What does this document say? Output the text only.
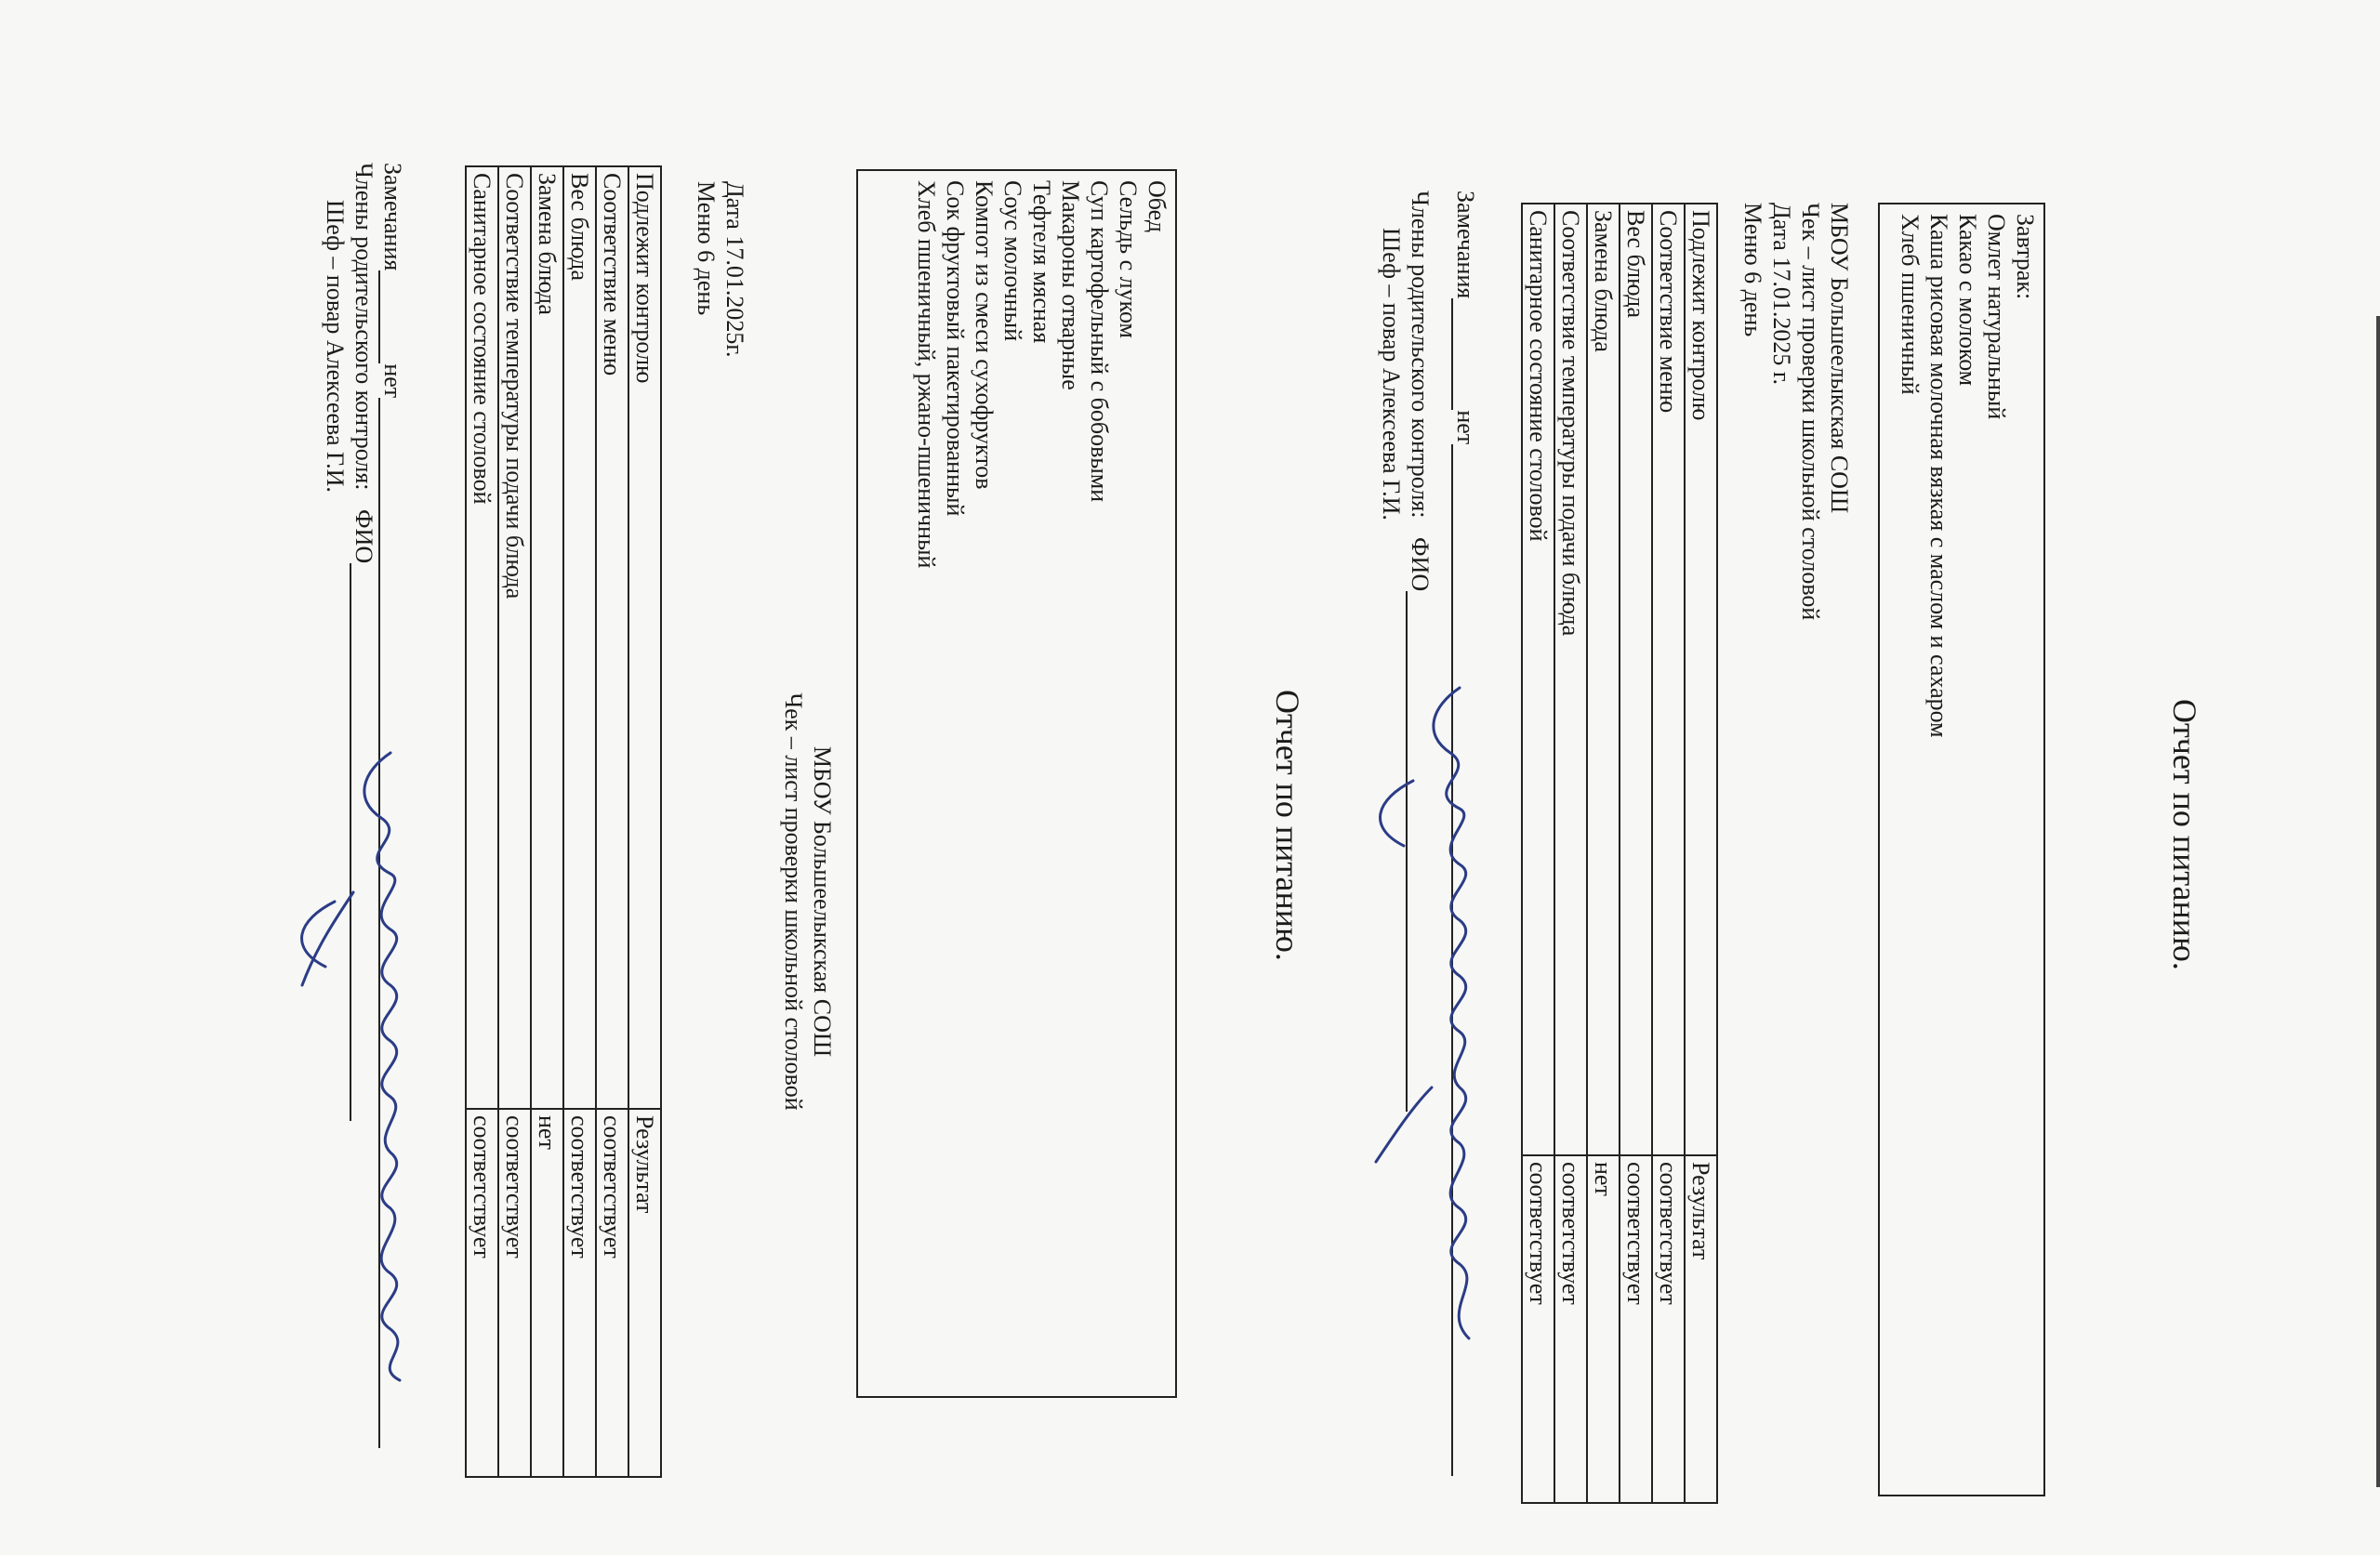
Отчет по питанию.
Завтрак:
Омлет натуральный
Какао с молоком
Каша рисовая молочная вязкая с маслом и сахаром
Хлеб пшеничный
МБОУ Большеелыкская СОШ
Чек – лист проверки школьной столовой
Дата 17.01.2025 г.
Меню 6 день
Подлежит контролю	Результат
Соответствие меню	соответствует
Вес блюда	соответствует
Замена блюда	нет
Соответствие температуры подачи блюда	соответствует
Санитарное состояние столовой	соответствует
Замечаниянет
Члены родительского контроля: ФИО
Шеф – повар Алексеева Г.И.
Отчет по питанию.
Обед
Сельдь с луком
Суп картофельный с бобовыми
Макароны отварные
Тефтеля мясная
Соус молочный
Компот из смеси сухофруктов
Сок фруктовый пакетированный
Хлеб пшеничный, ржано-пшеничный
МБОУ Большеелыкская СОШ
Чек – лист проверки школьной столовой
Дата 17.01.2025г.
Меню 6 день
Подлежит контролю	Результат
Соответствие меню	соответствует
Вес блюда	соответствует
Замена блюда	нет
Соответствие температуры подачи блюда	соответствует
Санитарное состояние столовой	соответствует
Замечаниянет
Члены родительского контроля: ФИО
Шеф – повар Алексеева Г.И.
